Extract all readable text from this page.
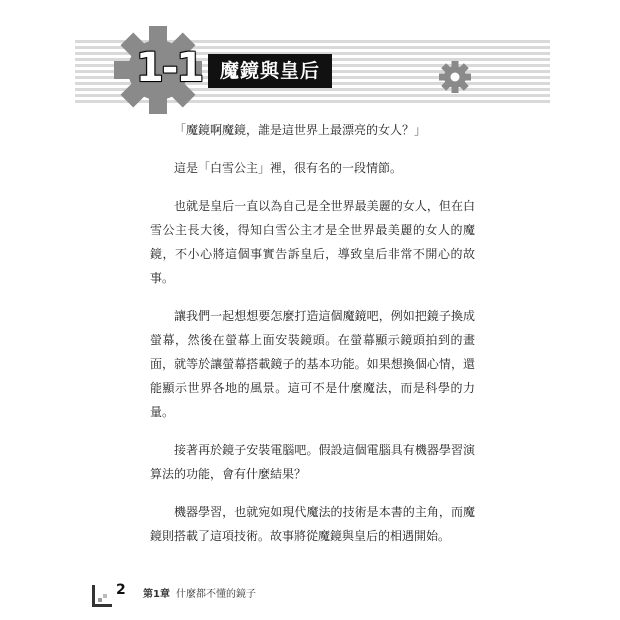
1-1 魔鏡與皇后

「魔鏡啊魔鏡，誰是這世界上最漂亮的女人？」

這是「白雪公主」裡，很有名的一段情節。

也就是皇后一直以為自己是全世界最美麗的女人，但在白雪公主長大後，得知白雪公主才是全世界最美麗的女人的魔鏡，不小心將這個事實告訴皇后，導致皇后非常不開心的故事。

讓我們一起想想要怎麼打造這個魔鏡吧，例如把鏡子換成螢幕，然後在螢幕上面安裝鏡頭。在螢幕顯示鏡頭拍到的畫面，就等於讓螢幕搭載鏡子的基本功能。如果想換個心情，還能顯示世界各地的風景。這可不是什麼魔法，而是科學的力量。

接著再於鏡子安裝電腦吧。假設這個電腦具有機器學習演算法的功能，會有什麼結果？

機器學習，也就宛如現代魔法的技術是本書的主角，而魔鏡則搭載了這項技術。故事將從魔鏡與皇后的相遇開始。

2 第1章 什麼都不懂的鏡子
